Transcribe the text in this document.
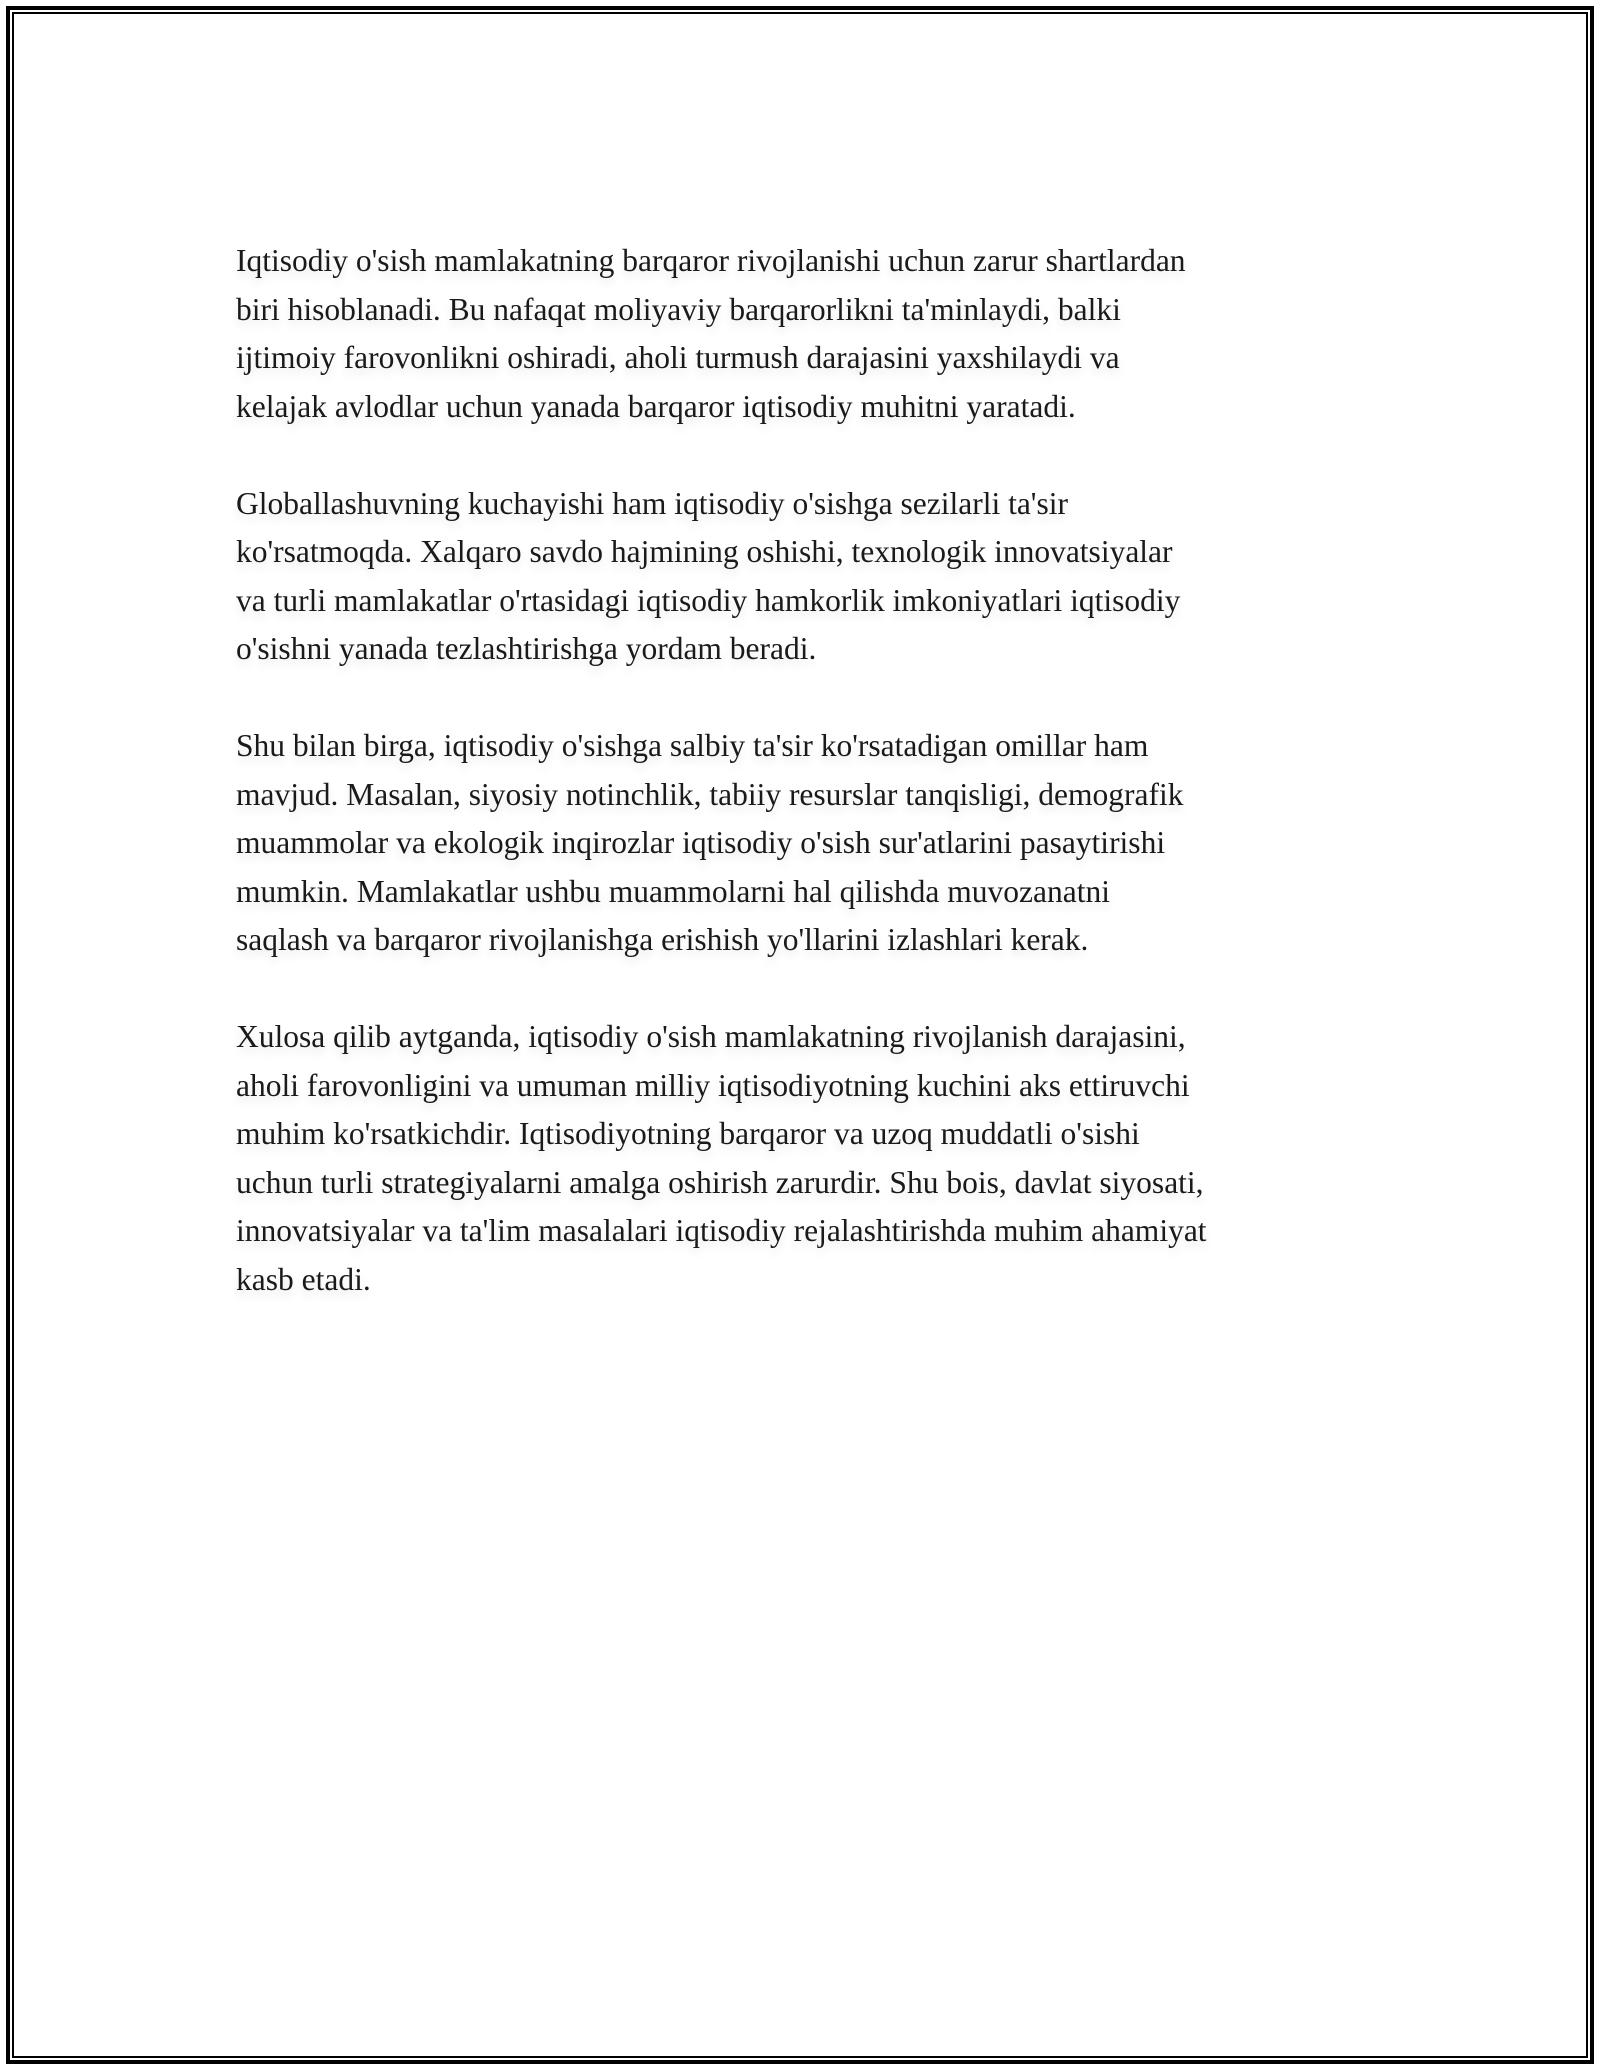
Iqtisodiy o'sish mamlakatning barqaror rivojlanishi uchun zarur shartlardan
biri hisoblanadi. Bu nafaqat moliyaviy barqarorlikni ta'minlaydi, balki
ijtimoiy farovonlikni oshiradi, aholi turmush darajasini yaxshilaydi va
kelajak avlodlar uchun yanada barqaror iqtisodiy muhitni yaratadi.

Globallashuvning kuchayishi ham iqtisodiy o'sishga sezilarli ta'sir
ko'rsatmoqda. Xalqaro savdo hajmining oshishi, texnologik innovatsiyalar
va turli mamlakatlar o'rtasidagi iqtisodiy hamkorlik imkoniyatlari iqtisodiy
o'sishni yanada tezlashtirishga yordam beradi.

Shu bilan birga, iqtisodiy o'sishga salbiy ta'sir ko'rsatadigan omillar ham
mavjud. Masalan, siyosiy notinchlik, tabiiy resurslar tanqisligi, demografik
muammolar va ekologik inqirozlar iqtisodiy o'sish sur'atlarini pasaytirishi
mumkin. Mamlakatlar ushbu muammolarni hal qilishda muvozanatni
saqlash va barqaror rivojlanishga erishish yo'llarini izlashlari kerak.

Xulosa qilib aytganda, iqtisodiy o'sish mamlakatning rivojlanish darajasini,
aholi farovonligini va umuman milliy iqtisodiyotning kuchini aks ettiruvchi
muhim ko'rsatkichdir. Iqtisodiyotning barqaror va uzoq muddatli o'sishi
uchun turli strategiyalarni amalga oshirish zarurdir. Shu bois, davlat siyosati,
innovatsiyalar va ta'lim masalalari iqtisodiy rejalashtirishda muhim ahamiyat
kasb etadi.
